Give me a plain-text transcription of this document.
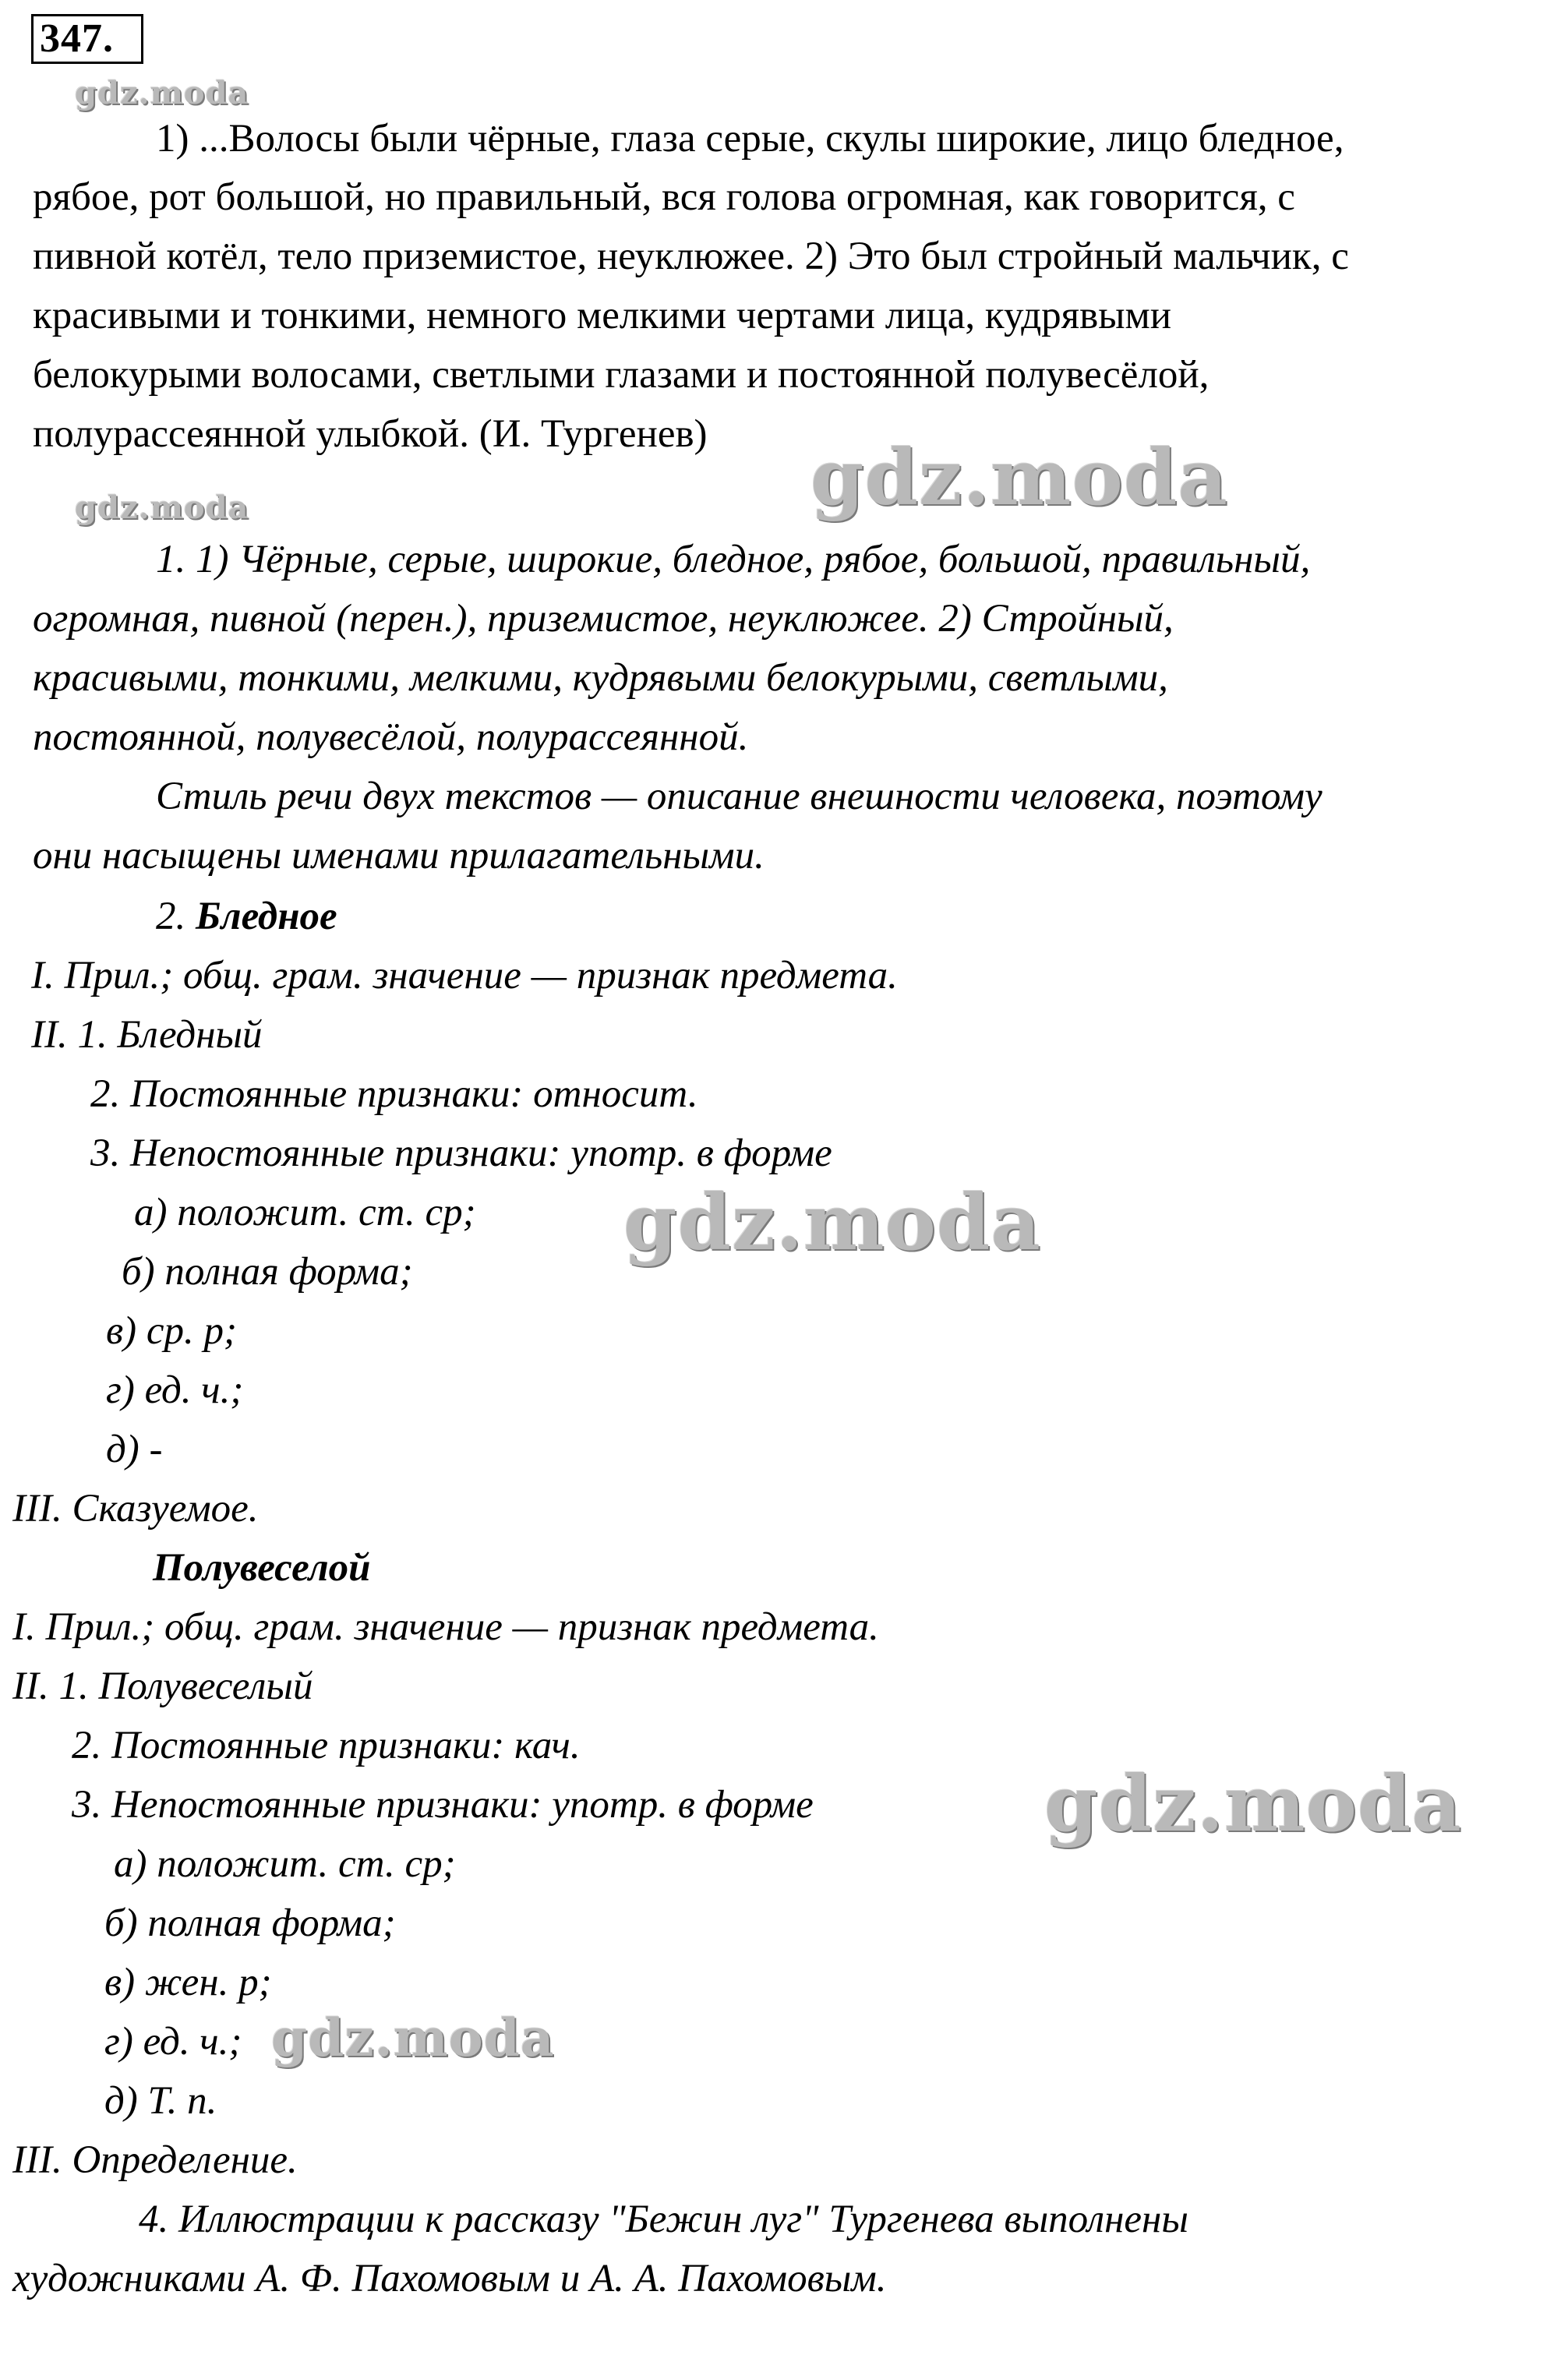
347.
gdz.moda
gdz.moda	gdz.moda
gdz.moda
gdz.moda
gdz.moda
1) ...Волосы были чёрные, глаза серые, скулы широкие, лицо бледное,
рябое, рот большой, но правильный, вся голова огромная, как говорится, с
пивной котёл, тело приземистое, неуклюжее. 2) Это был стройный мальчик, с
красивыми и тонкими, немного мелкими чертами лица, кудрявыми
белокурыми волосами, светлыми глазами и постоянной полувесёлой,
полурассеянной улыбкой. (И. Тургенев)
1. 1) Чёрные, серые, широкие, бледное, рябое, большой, правильный,
огромная, пивной (перен.), приземистое, неуклюжее. 2) Стройный,
красивыми, тонкими, мелкими, кудрявыми белокурыми, светлыми,
постоянной, полувесёлой, полурассеянной.
Стиль речи двух текстов — описание внешности человека, поэтому
они насыщены именами прилагательными.
2. Бледное
I. Прил.; общ. грам. значение — признак предмета.
II. 1. Бледный
2. Постоянные признаки: относит.
3. Непостоянные признаки: употр. в форме
а) положит. ст. ср;
б) полная форма;
в) ср. р;
г) ед. ч.;
д) -
III. Сказуемое.
Полувеселой
I. Прил.; общ. грам. значение — признак предмета.
II. 1. Полувеселый
2. Постоянные признаки: кач.
3. Непостоянные признаки: употр. в форме
а) положит. ст. ср;
б) полная форма;
в) жен. р;
г) ед. ч.;
д) Т. п.
III. Определение.
4. Иллюстрации к рассказу "Бежин луг" Тургенева выполнены
художниками А. Ф. Пахомовым и А. А. Пахомовым.
